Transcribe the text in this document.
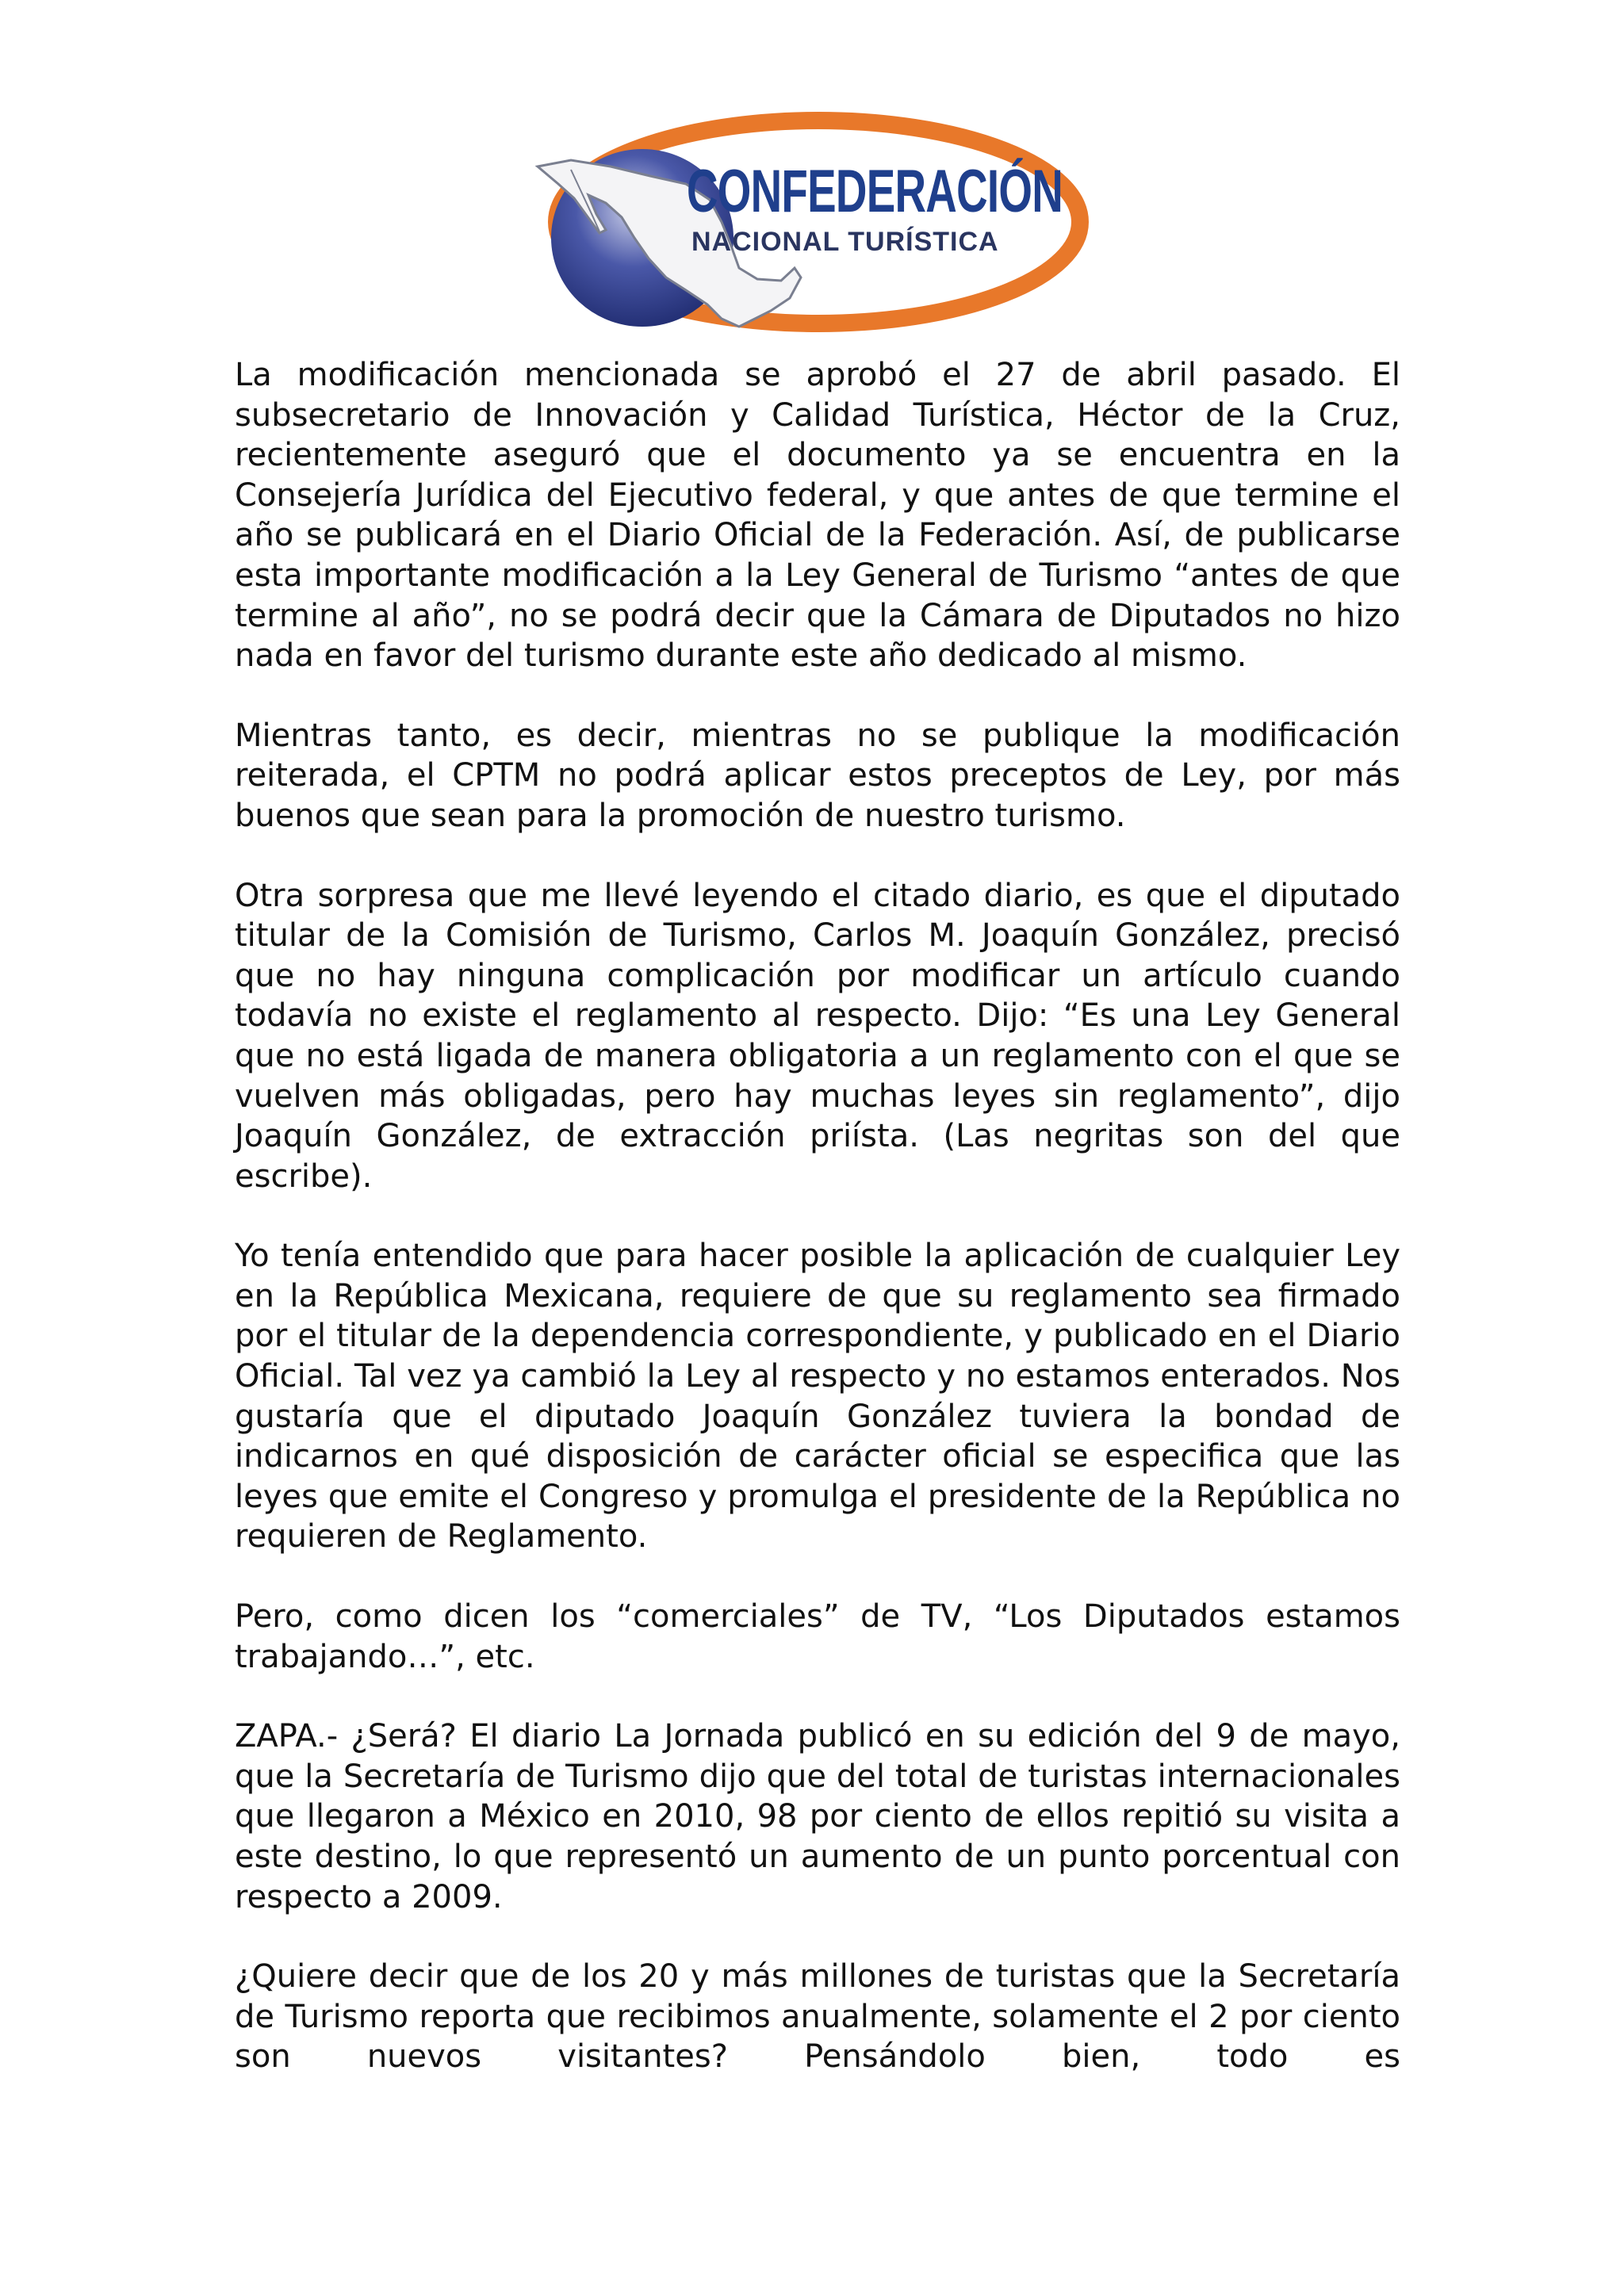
CONFEDERACIÓN
NACIONAL TURÍSTICA

La modificación mencionada se aprobó el 27 de abril pasado. El subsecretario de Innovación y Calidad Turística, Héctor de la Cruz, recientemente aseguró que el documento ya se encuentra en la Consejería Jurídica del Ejecutivo federal, y que antes de que termine el año se publicará en el Diario Oficial de la Federación. Así, de publicarse esta importante modificación a la Ley General de Turismo “antes de que termine al año”, no se podrá decir que la Cámara de Diputados no hizo nada en favor del turismo durante este año dedicado al mismo.

Mientras tanto, es decir, mientras no se publique la modificación reiterada, el CPTM no podrá aplicar estos preceptos de Ley, por más buenos que sean para la promoción de nuestro turismo.

Otra sorpresa que me llevé leyendo el citado diario, es que el diputado titular de la Comisión de Turismo, Carlos M. Joaquín González, precisó que no hay ninguna complicación por modificar un artículo cuando todavía no existe el reglamento al respecto. Dijo: “Es una Ley General que no está ligada de manera obligatoria a un reglamento con el que se vuelven más obligadas, pero hay muchas leyes sin reglamento”, dijo Joaquín González, de extracción priísta. (Las negritas son del que escribe).

Yo tenía entendido que para hacer posible la aplicación de cualquier Ley en la República Mexicana, requiere de que su reglamento sea firmado por el titular de la dependencia correspondiente, y publicado en el Diario Oficial. Tal vez ya cambió la Ley al respecto y no estamos enterados. Nos gustaría que el diputado Joaquín González tuviera la bondad de indicarnos en qué disposición de carácter oficial se especifica que las leyes que emite el Congreso y promulga el presidente de la República no requieren de Reglamento.

Pero, como dicen los “comerciales” de TV, “Los Diputados estamos trabajando…”, etc.

ZAPA.- ¿Será? El diario La Jornada publicó en su edición del 9 de mayo, que la Secretaría de Turismo dijo que del total de turistas internacionales que llegaron a México en 2010, 98 por ciento de ellos repitió su visita a este destino, lo que representó un aumento de un punto porcentual con respecto a 2009.

¿Quiere decir que de los 20 y más millones de turistas que la Secretaría de Turismo reporta que recibimos anualmente, solamente el 2 por ciento son nuevos visitantes? Pensándolo bien, todo es
